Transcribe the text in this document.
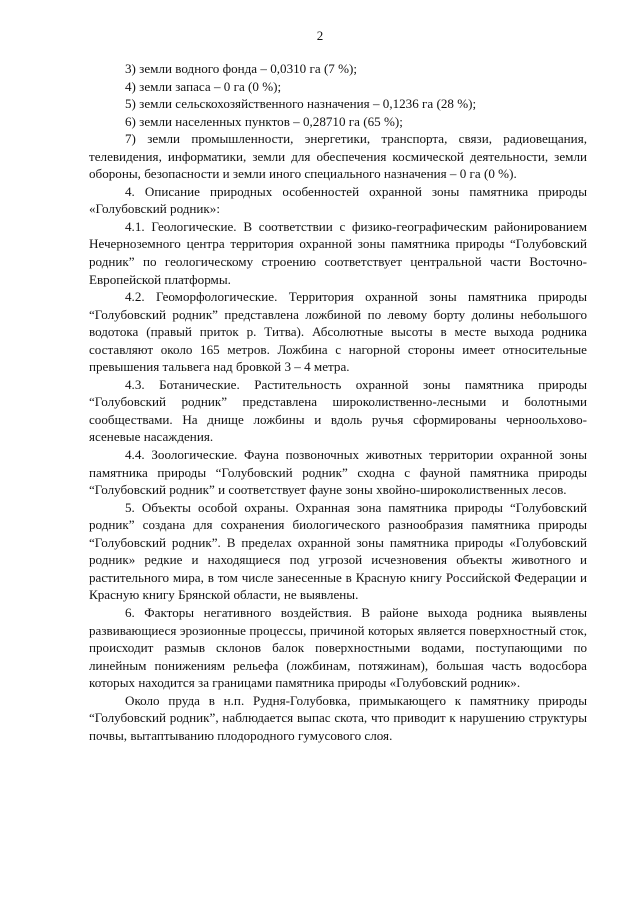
2

3) земли водного фонда – 0,0310 га (7 %);

4) земли запаса – 0 га (0 %);

5) земли сельскохозяйственного назначения – 0,1236 га (28 %);

6) земли населенных пунктов – 0,28710 га (65 %);

7) земли промышленности, энергетики, транспорта, связи, радиовещания, телевидения, информатики, земли для обеспечения космической деятельности, земли обороны, безопасности и земли иного специального назначения – 0 га (0 %).

4. Описание природных особенностей охранной зоны памятника природы «Голубовский родник»:

4.1. Геологические. В соответствии с физико-географическим районированием Нечерноземного центра территория охранной зоны памятника природы “Голубовский родник” по геологическому строению соответствует центральной части Восточно-Европейской платформы.

4.2. Геоморфологические. Территория охранной зоны памятника природы “Голубовский родник” представлена ложбиной по левому борту долины небольшого водотока (правый приток р. Титва). Абсолютные высоты в месте выхода родника составляют около 165 метров. Ложбина с нагорной стороны имеет относительные превышения тальвега над бровкой 3 – 4 метра.

4.3. Ботанические. Растительность охранной зоны памятника природы “Голубовский родник” представлена широколиственно-лесными и болотными сообществами. На днище ложбины и вдоль ручья сформированы черноольхово-ясеневые насаждения.

4.4. Зоологические. Фауна позвоночных животных территории охранной зоны памятника природы “Голубовский родник” сходна с фауной памятника природы “Голубовский родник” и соответствует фауне зоны хвойно-широколиственных лесов.

5. Объекты особой охраны. Охранная зона памятника природы “Голубовский родник” создана для сохранения биологического разнообразия памятника природы “Голубовский родник”. В пределах охранной зоны памятника природы «Голубовский родник» редкие и находящиеся под угрозой исчезновения объекты животного и растительного мира, в том числе занесенные в Красную книгу Российской Федерации и Красную книгу Брянской области, не выявлены.

6. Факторы негативного воздействия. В районе выхода родника выявлены развивающиеся эрозионные процессы, причиной которых является поверхностный сток, происходит размыв склонов балок поверхностными водами, поступающими по линейным понижениям рельефа (ложбинам, потяжинам), большая часть водосбора которых находится за границами памятника природы «Голубовский родник».

Около пруда в н.п. Рудня-Голубовка, примыкающего к памятнику природы “Голубовский родник”, наблюдается выпас скота, что приводит к нарушению структуры почвы, вытаптыванию плодородного гумусового слоя.
